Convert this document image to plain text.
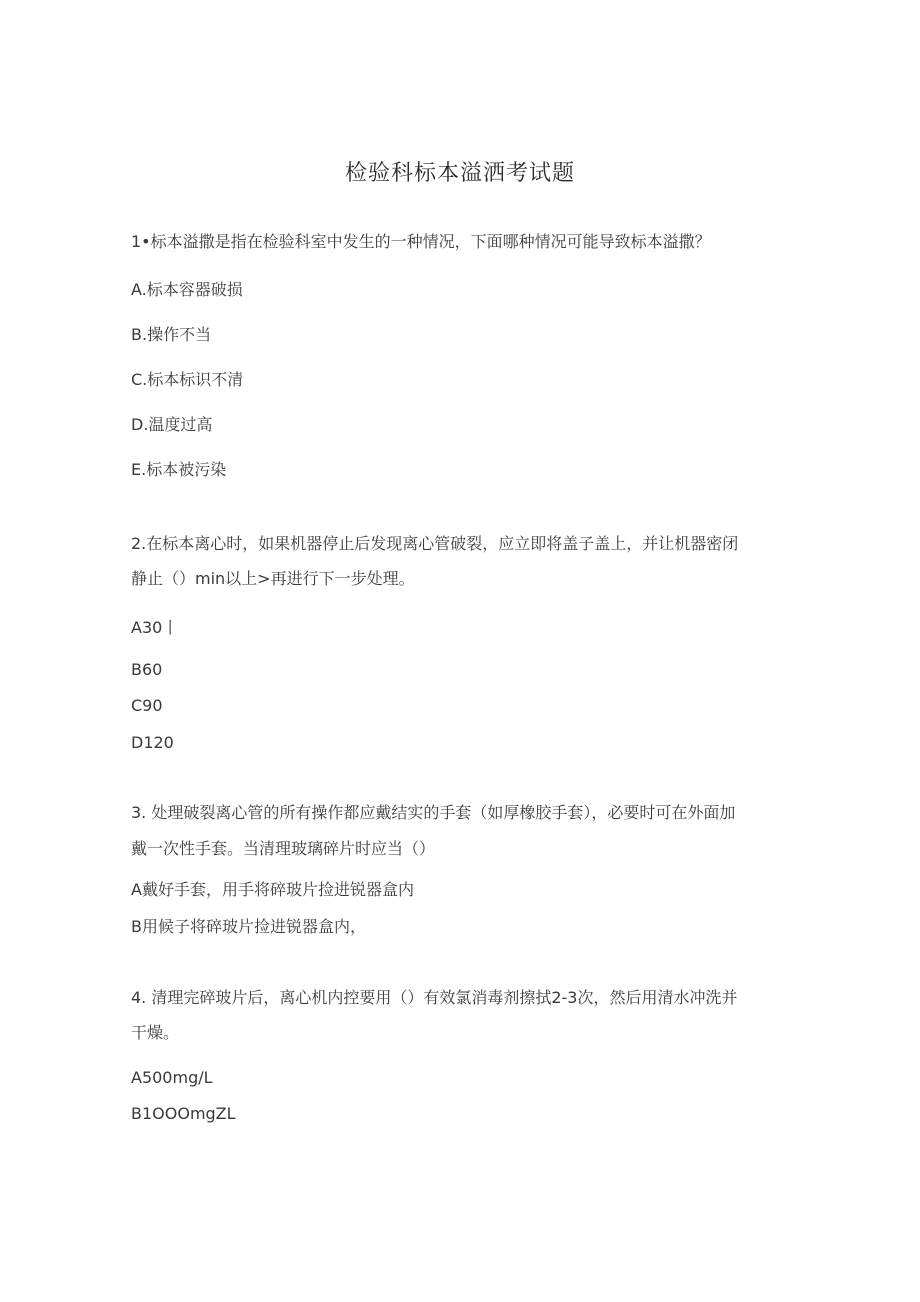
检验科标本溢洒考试题
1•标本溢撒是指在检验科室中发生的一种情况，下面哪种情况可能导致标本溢撒？
A.标本容器破损
B.操作不当
C.标本标识不清
D.温度过高
E.标本被污染
2.在标本离心时，如果机器停止后发现离心管破裂，应立即将盖子盖上，并让机器密闭
静止（）min以上>再进行下一步处理。
A30丨
B60
C90
D120
3. 处理破裂离心管的所有操作都应戴结实的手套（如厚橡胶手套），必要时可在外面加
戴一次性手套。当清理玻璃碎片时应当（）
A戴好手套，用手将碎玻片捡进锐器盒内
B用候子将碎玻片捡进锐器盒内，
4. 清理完碎玻片后，离心机内控要用（）有效氯消毒剂擦拭2-3次，然后用清水冲洗并
干燥。
A500mg∕L
B1OOOmgZL
